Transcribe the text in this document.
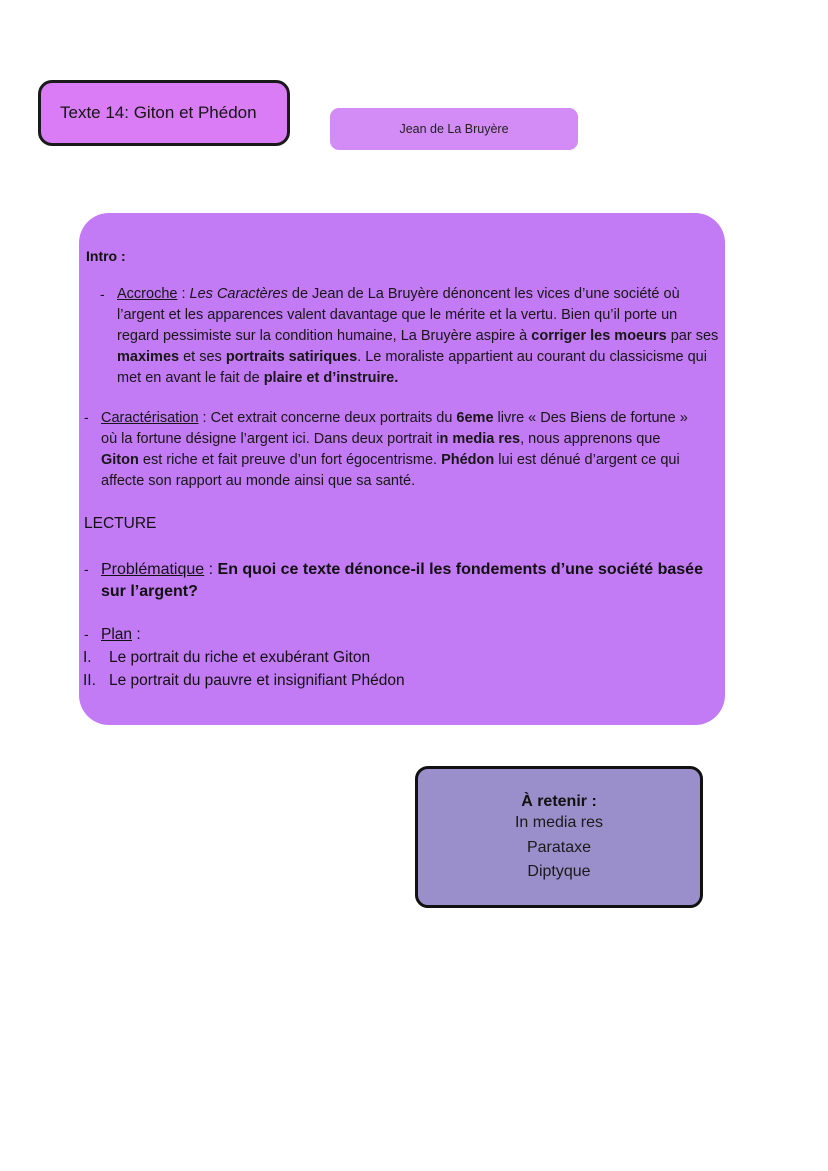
Texte 14: Giton et Phédon
Jean de La Bruyère
Intro :
- Accroche : Les Caractères de Jean de La Bruyère dénoncent les vices d’une société où l’argent et les apparences valent davantage que le mérite et la vertu. Bien qu’il porte un regard pessimiste sur la condition humaine, La Bruyère aspire à corriger les moeurs par ses maximes et ses portraits satiriques. Le moraliste appartient au courant du classicisme qui met en avant le fait de plaire et d’instruire.

- Caractérisation : Cet extrait concerne deux portraits du 6eme livre « Des Biens de fortune » où la fortune désigne l’argent ici. Dans deux portrait in media res, nous apprenons que Giton est riche et fait preuve d’un fort égocentrisme. Phédon lui est dénué d’argent ce qui affecte son rapport au monde ainsi que sa santé.

LECTURE
- Problématique : En quoi ce texte dénonce-il les fondements d’une société basée sur l’argent?

- Plan :
I. Le portrait du riche et exubérant Giton
II. Le portrait du pauvre et insignifiant Phédon
À retenir :
In media res
Parataxe
Diptyque
